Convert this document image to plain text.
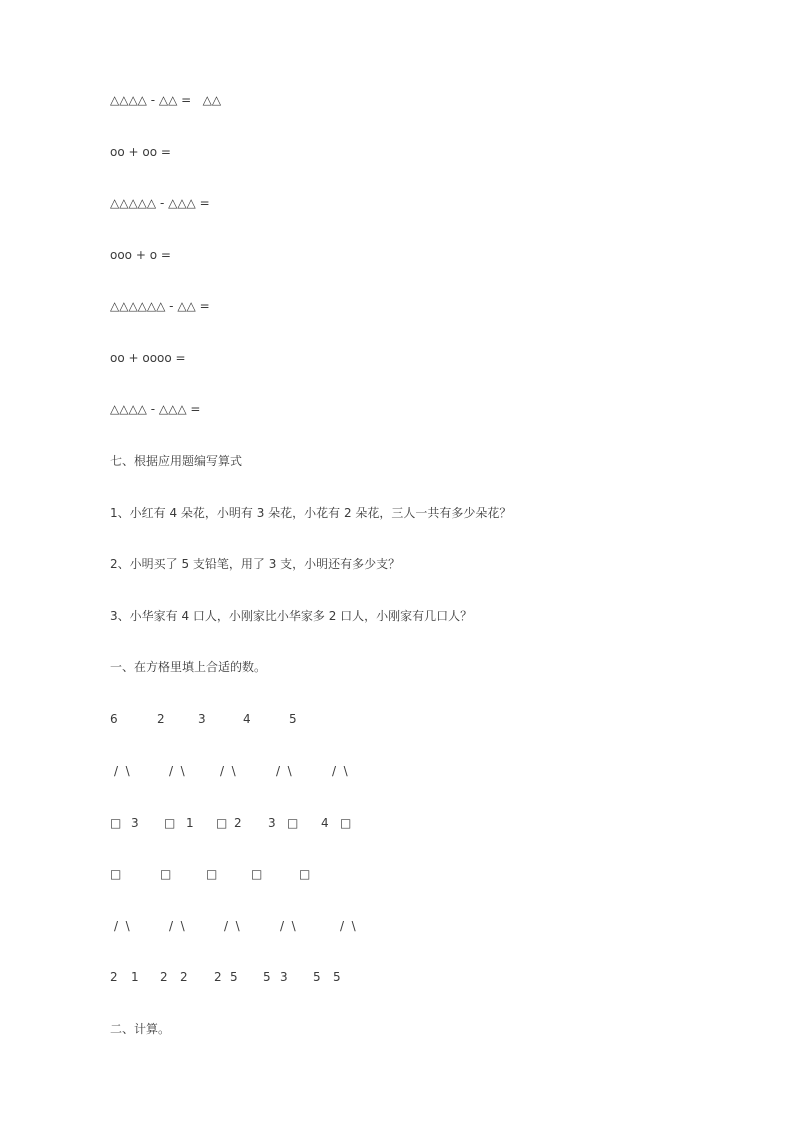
△△△△ - △△ =   △△
oo + oo =
△△△△△ - △△△ =
ooo + o =
△△△△△△ - △△ =
oo + oooo =
△△△△ - △△△ =
七、根据应用题编写算式
1、小红有 4 朵花，小明有 3 朵花，小花有 2 朵花，三人一共有多少朵花？
2、小明买了 5 支铅笔，用了 3 支，小明还有多少支？
3、小华家有 4 口人，小刚家比小华家多 2 口人，小刚家有几口人？
一、在方格里填上合适的数。
6	2	3	4	5
/  \	/  \	/  \	/  \	/  \
□ 3 □ 1 □ 2 3 □ 4 □
□	□	□	□	□
/  \	/  \	/  \	/  \	/  \
2 1 2 2 2 5 5 3 5 5
二、计算。
